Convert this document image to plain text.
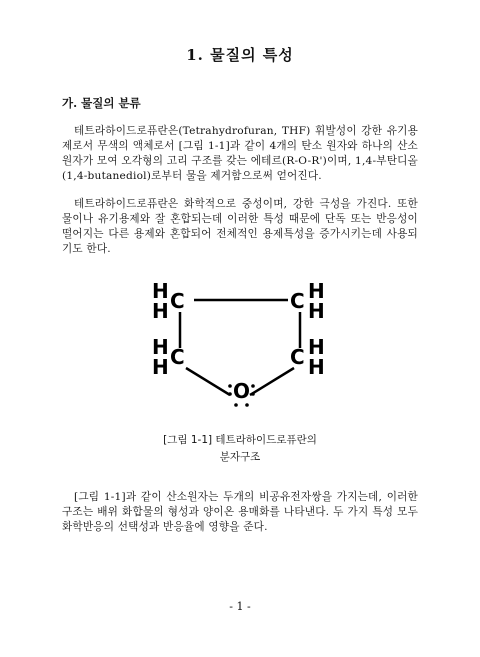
1. 물질의 특성
가. 물질의 분류

테트라하이드로퓨란은(Tetrahydrofuran, THF) 휘발성이 강한 유기용제로서 무색의 액체로서 [그림 1-1]과 같이 4개의 탄소 원자와 하나의 산소원자가 모여 오각형의 고리 구조를 갖는 에테르(R-O-R')이며, 1,4-부탄디올(1,4-butanediol)로부터 물을 제거함으로써 얻어진다.

테트라하이드로퓨란은 화학적으로 중성이며, 강한 극성을 가진다. 또한 물이나 유기용제와 잘 혼합되는데 이러한 특성 때문에 단독 또는 반응성이 떨어지는 다른 용제와 혼합되어 전체적인 용제특성을 증가시키는데 사용되기도 한다.

H
H C	C H
H
H
H C	C H
H
O
[그림 1-1] 테트라하이드로퓨란의
분자구조

[그림 1-1]과 같이 산소원자는 두개의 비공유전자쌍을 가지는데, 이러한 구조는 배위 화합물의 형성과 양이온 용매화를 나타낸다. 두 가지 특성 모두 화학반응의 선택성과 반응율에 영향을 준다.

- 1 -
